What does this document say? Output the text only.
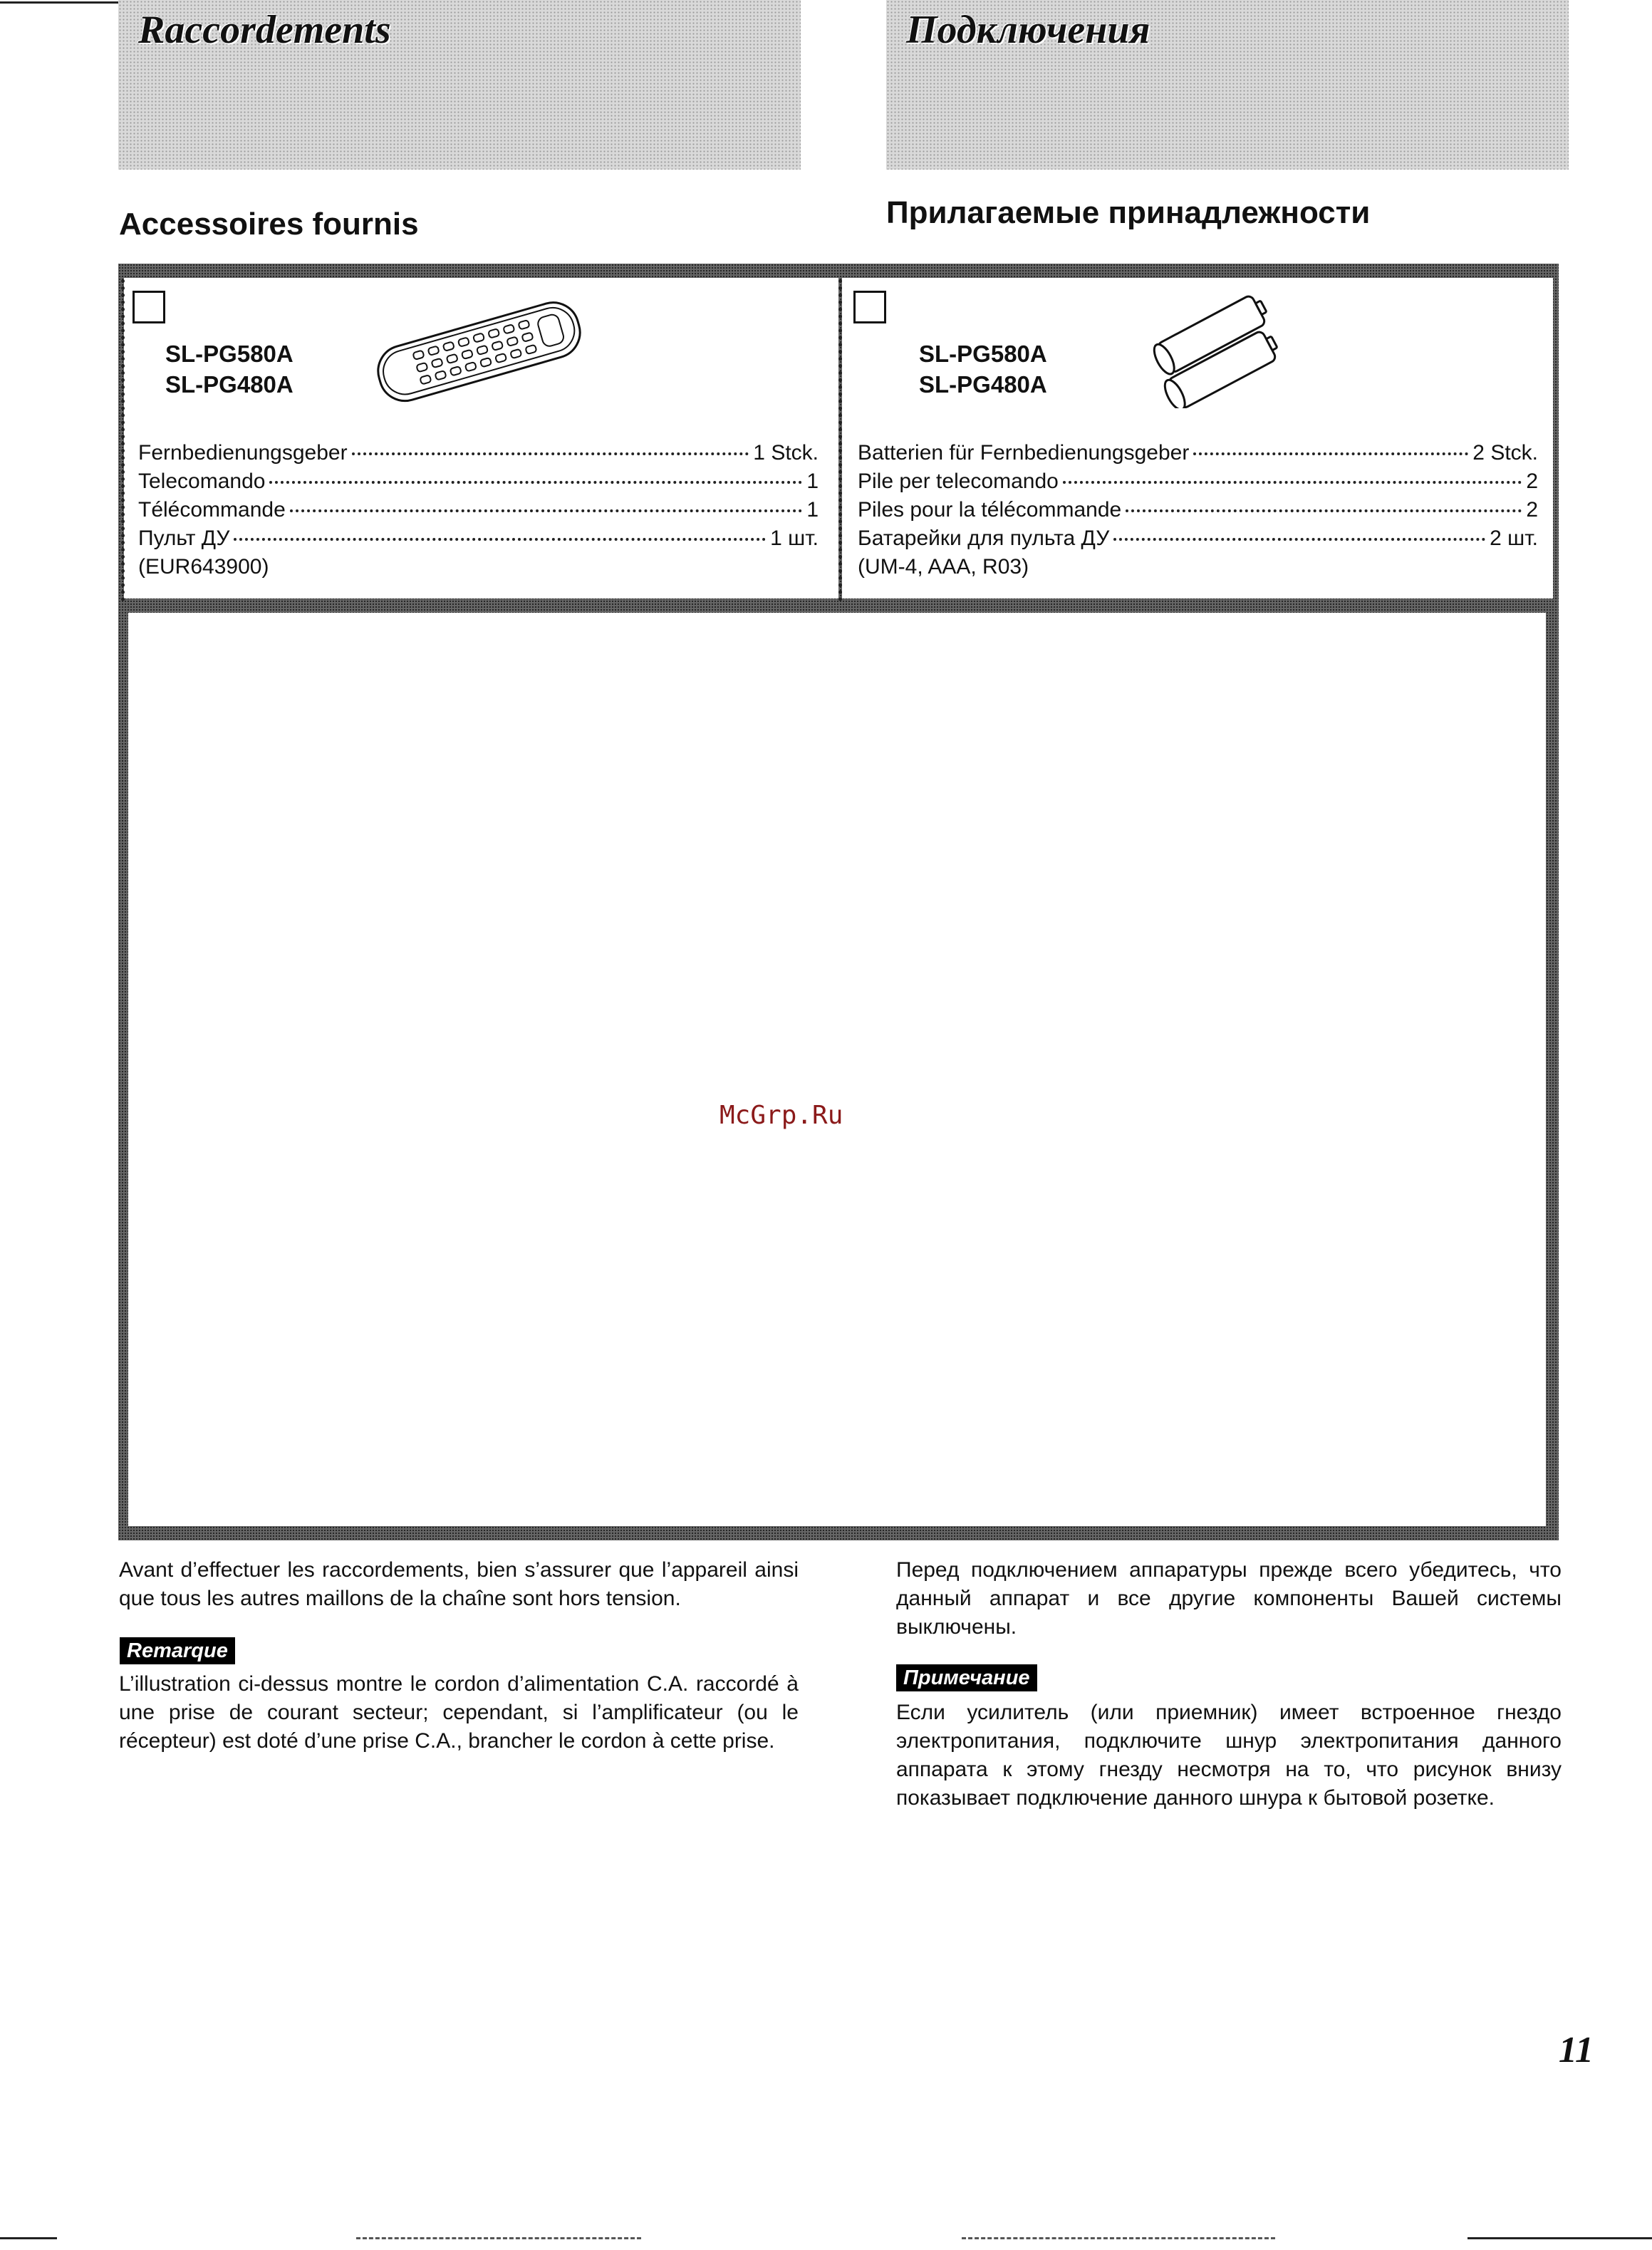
Raccordements	Подключения
Accessoires fournis	Прилагаемые принадлежности
SL-PG580A
SL-PG480A
Fernbedienungsgeber	1 Stck.
Telecomando	1
Télécommande	1
Пульт ДУ	1 шт.
(EUR643900)
SL-PG580A
SL-PG480A
Batterien für Fernbedienungsgeber	2 Stck.
Pile per telecomando	2
Piles pour la télécommande	2
Батарейки для пульта ДУ	2 шт.
(UM-4, AAA, R03)
McGrp.Ru
Avant d’effectuer les raccordements, bien s’assurer que l’appareil ainsi que tous les autres maillons de la chaîne sont hors tension.
Remarque
L’illustration ci-dessus montre le cordon d’alimentation C.A. raccordé à une prise de courant secteur; cependant, si l’amplificateur (ou le récepteur) est doté d’une prise C.A., brancher le cordon à cette prise.
Перед подключением аппаратуры прежде всего убедитесь, что данный аппарат и все другие компоненты Вашей системы выключены.
Примечание
Если усилитель (или приемник) имеет встроенное гнездо электропитания, подключите шнур электропитания данного аппарата к этому гнезду несмотря на то, что рисунок внизу показывает подключение данного шнура к бытовой розетке.
11
